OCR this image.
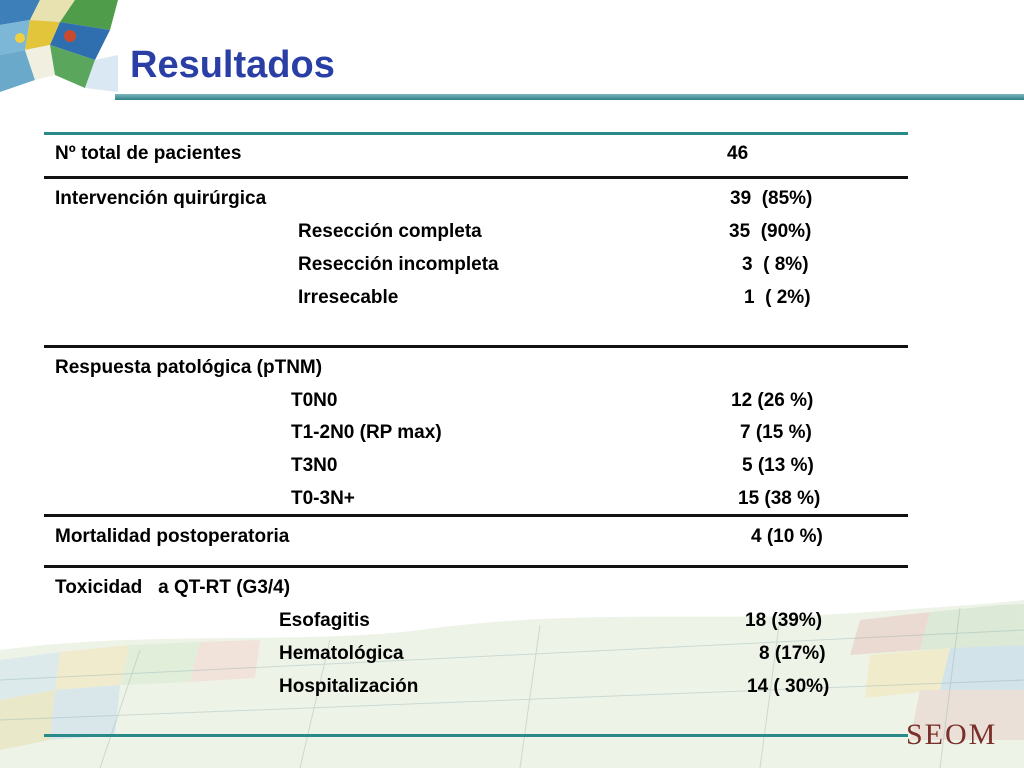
Resultados
Nº total de pacientes	46
Intervención quirúrgica	39  (85%)
Resección completa	35  (90%)
Resección incompleta	3  ( 8%)
Irresecable	1  ( 2%)
Respuesta patológica (pTNM)
T0N0	12 (26 %)
T1-2N0 (RP max)	7 (15 %)
T3N0	5 (13 %)
T0-3N+	15 (38 %)
Mortalidad postoperatoria	4 (10 %)
Toxicidad   a QT-RT (G3/4)
Esofagitis	18 (39%)
Hematológica	8 (17%)
Hospitalización	14 ( 30%)
SEOM
